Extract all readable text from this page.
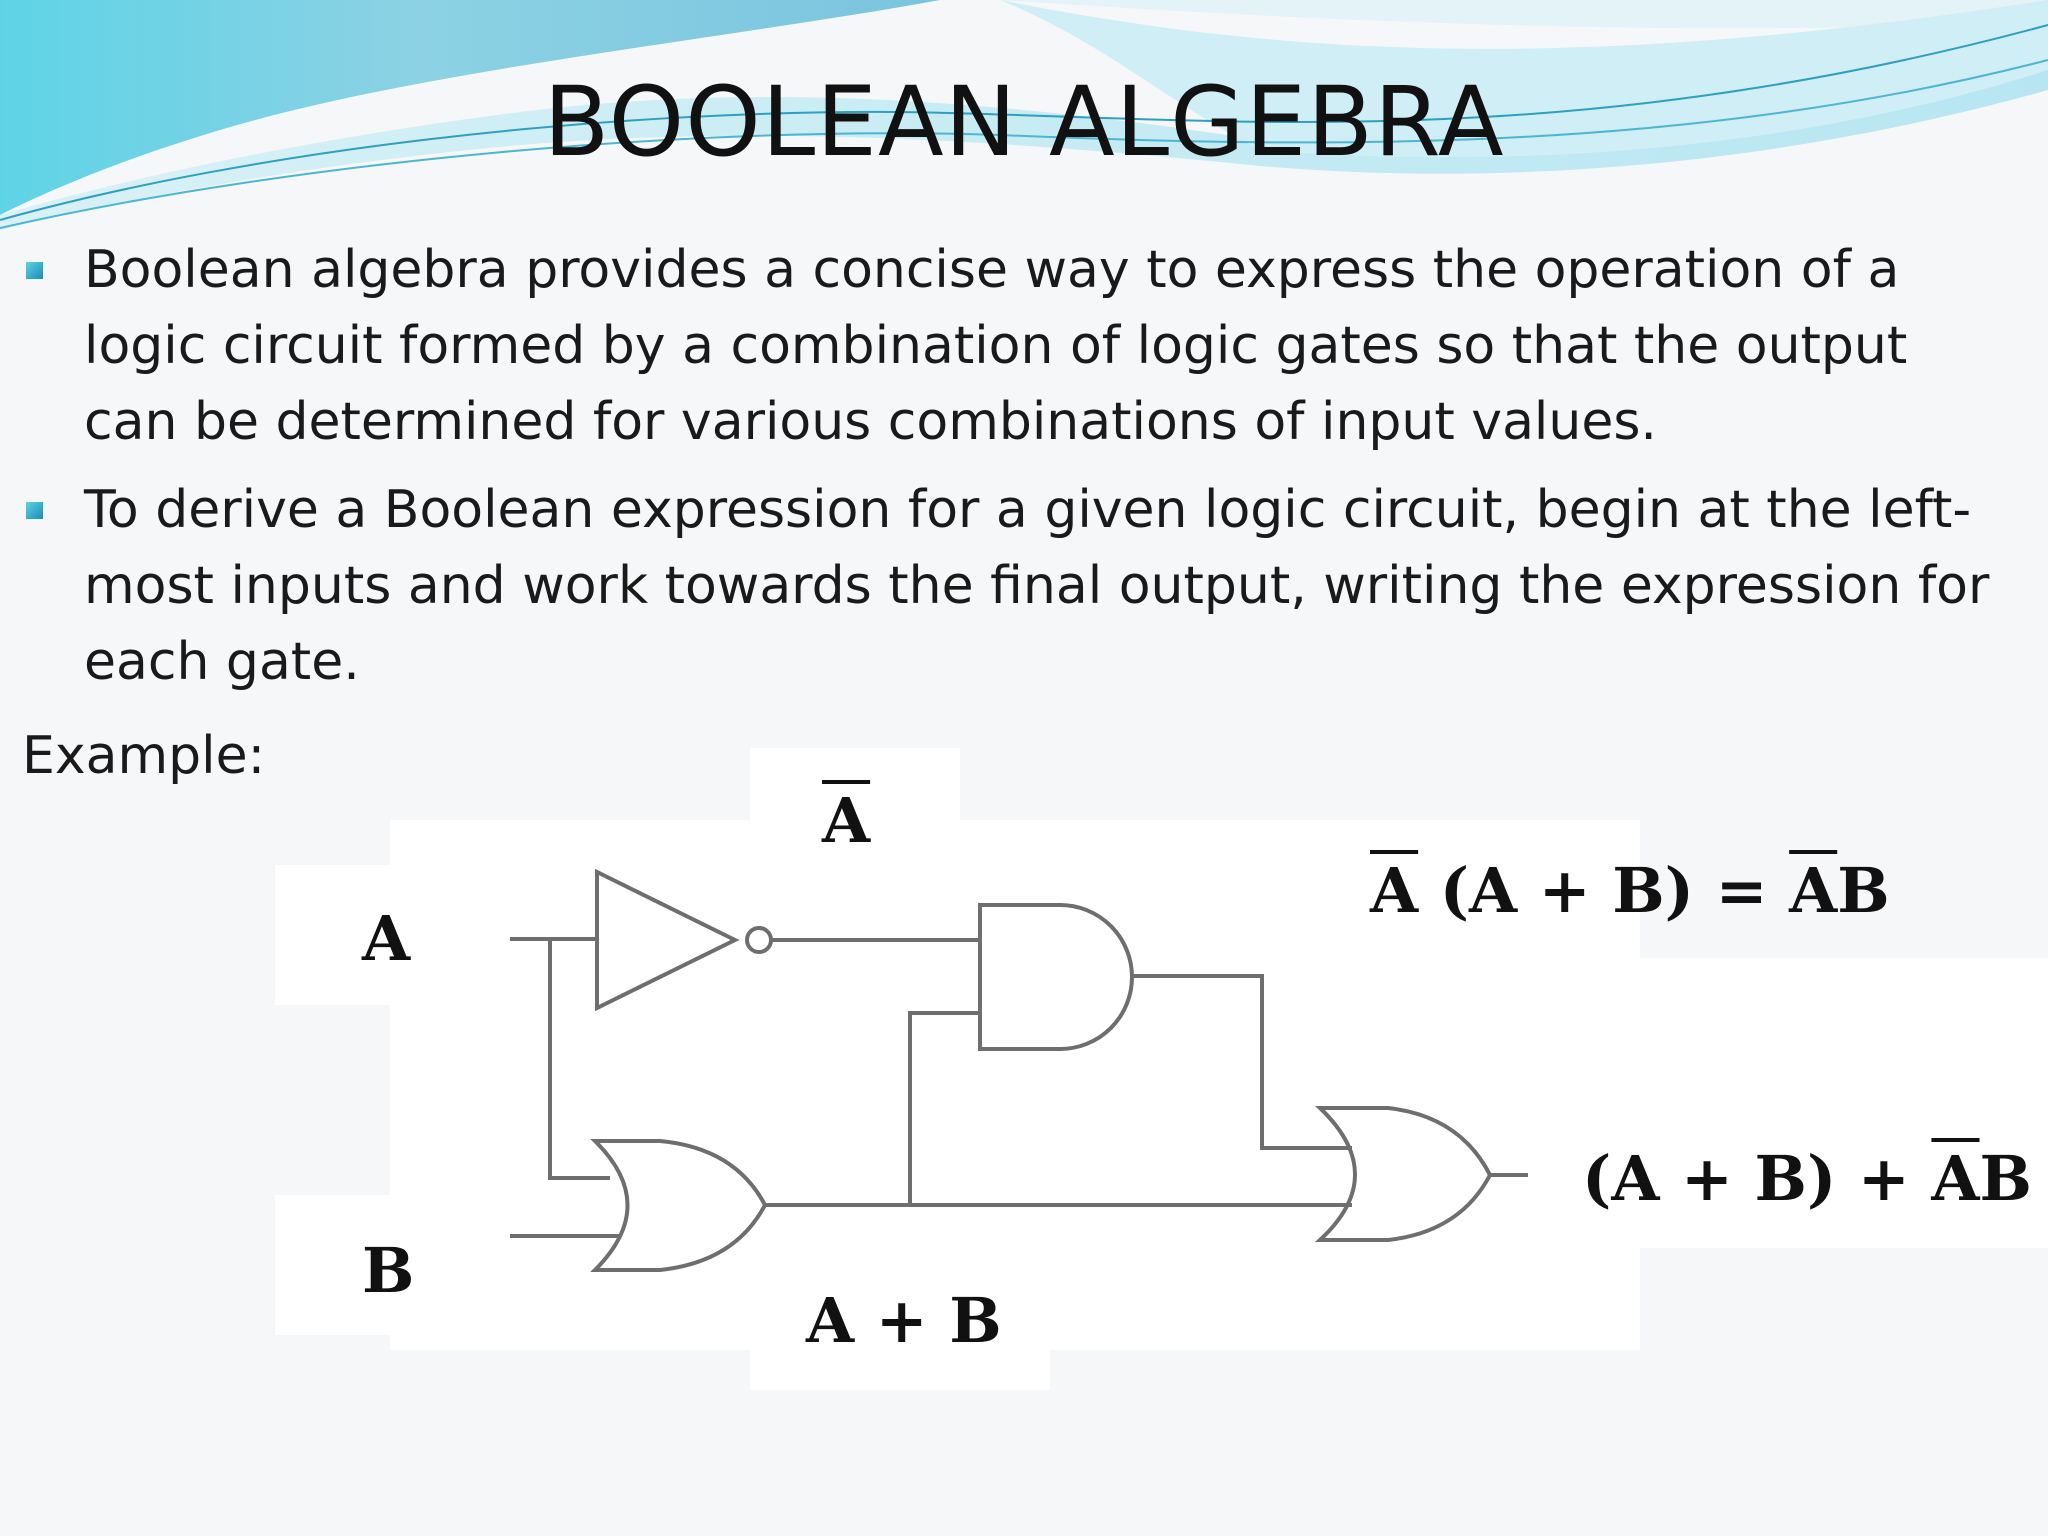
BOOLEAN ALGEBRA
Boolean algebra provides a concise way to express the operation of a logic circuit formed by a combination of logic gates so that the output can be determined for various combinations of input values.
To derive a Boolean expression for a given logic circuit, begin at the left-most inputs and work towards the final output, writing the expression for each gate.
Example:
A
B
$\overline{A}$
$\overline{A}$ $(A + B) = \overline{A}B$
$(A + B) + \overline{A}B$
A + B
